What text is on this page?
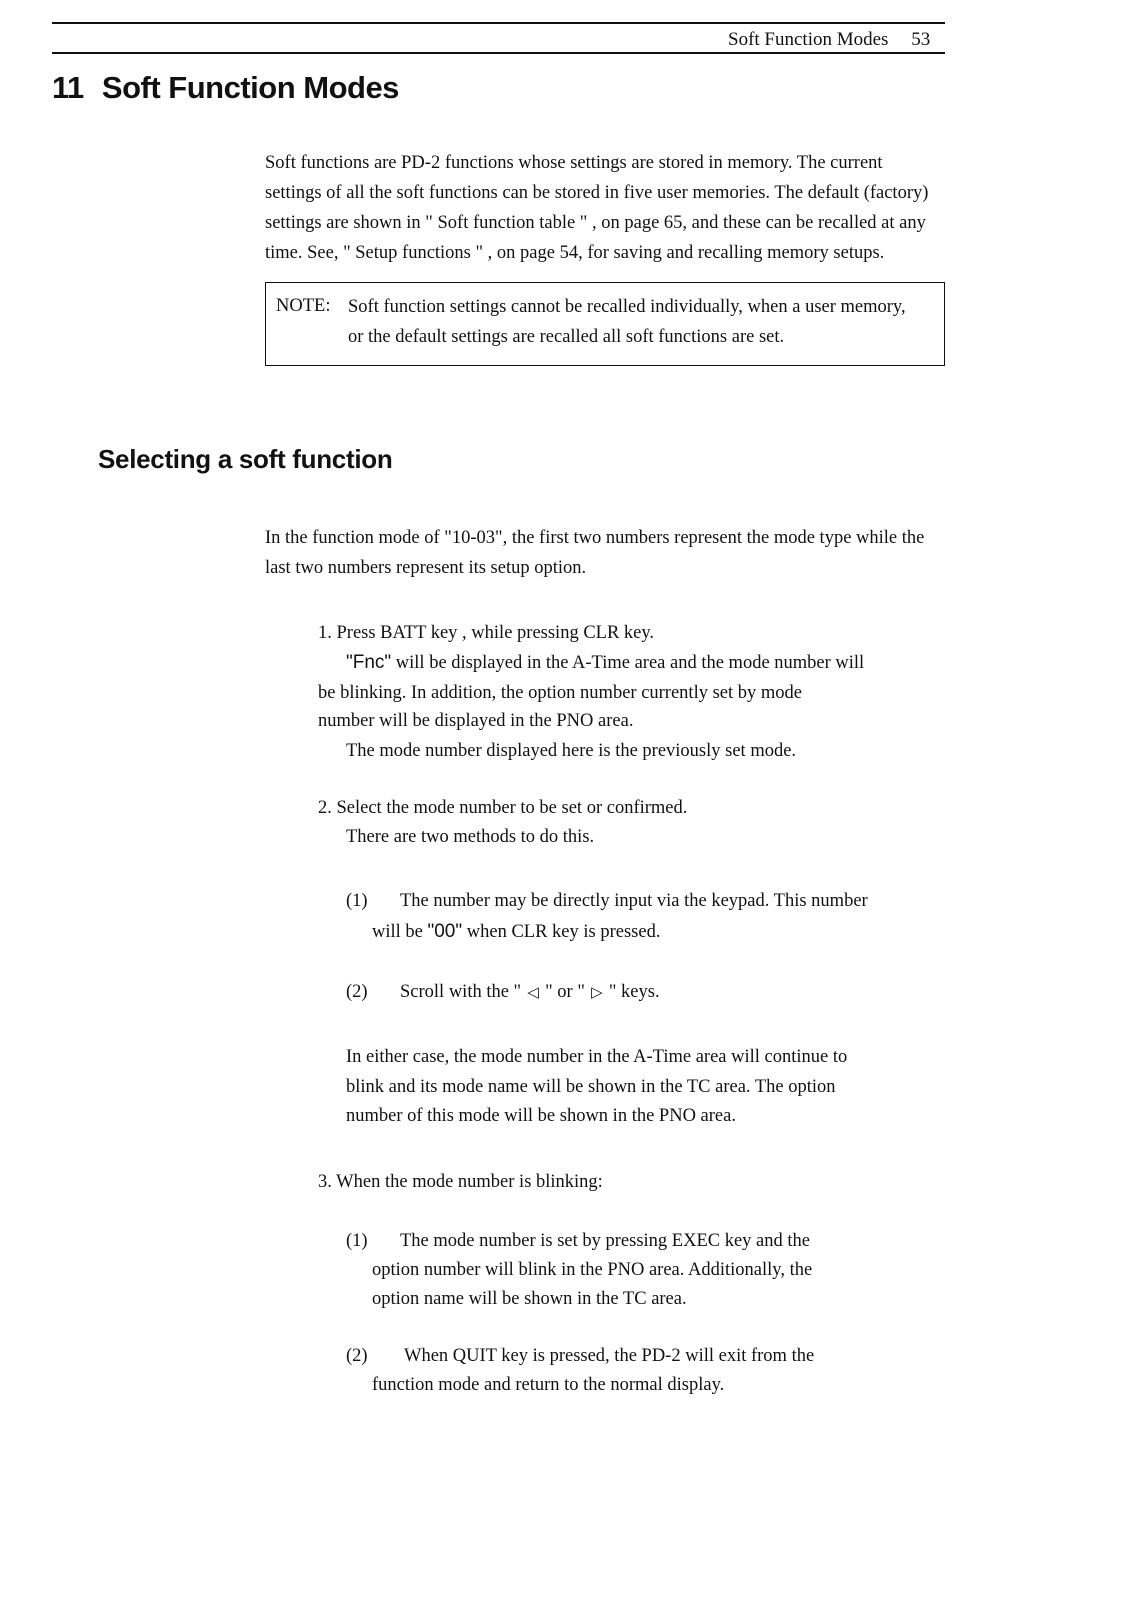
Soft Function Modes 53
11 Soft Function Modes

Soft functions are PD-2 functions whose settings are stored in memory. The current

settings of all the soft functions can be stored in five user memories. The default (factory)

settings are shown in " Soft function table " , on page 65, and these can be recalled at any

time. See, " Setup functions " , on page 54, for saving and recalling memory setups.

NOTE: Soft function settings cannot be recalled individually, when a user memory,

or the default settings are recalled all soft functions are set.

Selecting a soft function

In the function mode of "10-03", the first two numbers represent the mode type while the

last two numbers represent its setup option.

1. Press BATT key , while pressing CLR key.
"Fnc" will be displayed in the A-Time area and the mode number will
be blinking. In addition, the option number currently set by mode
number will be displayed in the PNO area.
The mode number displayed here is the previously set mode.
2. Select the mode number to be set or confirmed.
There are two methods to do this.
(1) The number may be directly input via the keypad. This number
will be "00" when CLR key is pressed.
(2) Scroll with the " ◁ " or " ▷ " keys.

In either case, the mode number in the A-Time area will continue to

blink and its mode name will be shown in the TC area. The option

number of this mode will be shown in the PNO area.

3. When the mode number is blinking:
(1) The mode number is set by pressing EXEC key and the
option number will blink in the PNO area. Additionally, the
option name will be shown in the TC area.
(2) When QUIT key is pressed, the PD-2 will exit from the
function mode and return to the normal display.
